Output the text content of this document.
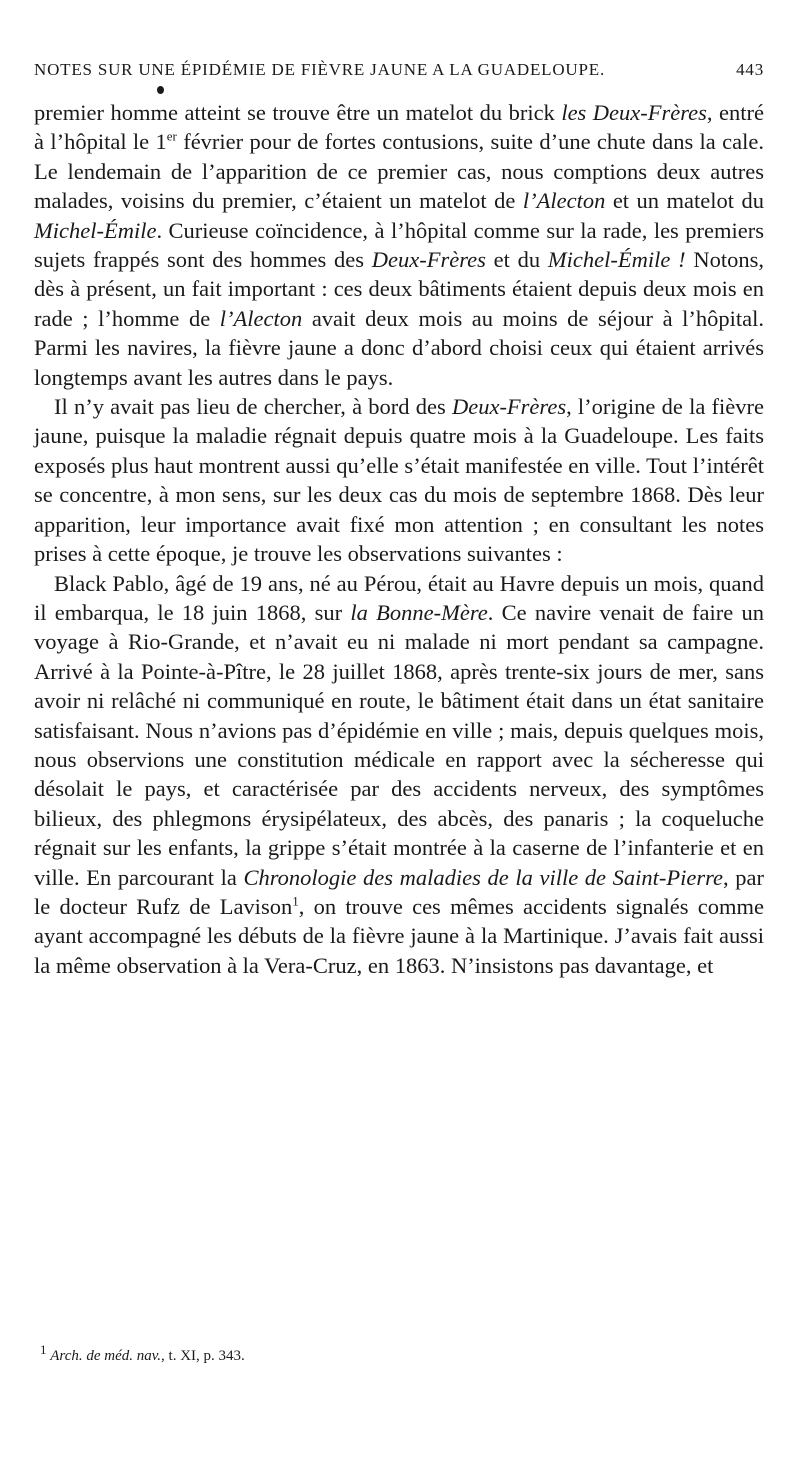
NOTES SUR UNE ÉPIDÉMIE DE FIÈVRE JAUNE A LA GUADELOUPE.	443

premier homme atteint se trouve être un matelot du brick les Deux-Frères, entré à l’hôpital le 1er février pour de fortes contusions, suite d’une chute dans la cale. Le lendemain de l’apparition de ce premier cas, nous comptions deux autres malades, voisins du premier, c’étaient un matelot de l’Alecton et un matelot du Michel-Émile. Curieuse coïncidence, à l’hôpital comme sur la rade, les premiers sujets frappés sont des hommes des Deux-Frères et du Michel-Émile ! Notons, dès à présent, un fait important : ces deux bâtiments étaient depuis deux mois en rade ; l’homme de l’Alecton avait deux mois au moins de séjour à l’hôpital. Parmi les navires, la fièvre jaune a donc d’abord choisi ceux qui étaient arrivés longtemps avant les autres dans le pays.

Il n’y avait pas lieu de chercher, à bord des Deux-Frères, l’origine de la fièvre jaune, puisque la maladie régnait depuis quatre mois à la Guadeloupe. Les faits exposés plus haut montrent aussi qu’elle s’était manifestée en ville. Tout l’intérêt se concentre, à mon sens, sur les deux cas du mois de septembre 1868. Dès leur apparition, leur importance avait fixé mon attention ; en consultant les notes prises à cette époque, je trouve les observations suivantes :

Black Pablo, âgé de 19 ans, né au Pérou, était au Havre depuis un mois, quand il embarqua, le 18 juin 1868, sur la Bonne-Mère. Ce navire venait de faire un voyage à Rio-Grande, et n’avait eu ni malade ni mort pendant sa campagne. Arrivé à la Pointe-à-Pître, le 28 juillet 1868, après trente-six jours de mer, sans avoir ni relâché ni communiqué en route, le bâtiment était dans un état sanitaire satisfaisant. Nous n’avions pas d’épidémie en ville ; mais, depuis quelques mois, nous observions une constitution médicale en rapport avec la sécheresse qui désolait le pays, et caractérisée par des accidents nerveux, des symptômes bilieux, des phlegmons érysipélateux, des abcès, des panaris ; la coqueluche régnait sur les enfants, la grippe s’était montrée à la caserne de l’infanterie et en ville. En parcourant la Chronologie des maladies de la ville de Saint-Pierre, par le docteur Rufz de Lavison$^1$, on trouve ces mêmes accidents signalés comme ayant accompagné les débuts de la fièvre jaune à la Martinique. J’avais fait aussi la même observation à la Vera-Cruz, en 1863. N’insistons pas davantage, et

$^1$ Arch. de méd. nav., t. XI, p. 343.
